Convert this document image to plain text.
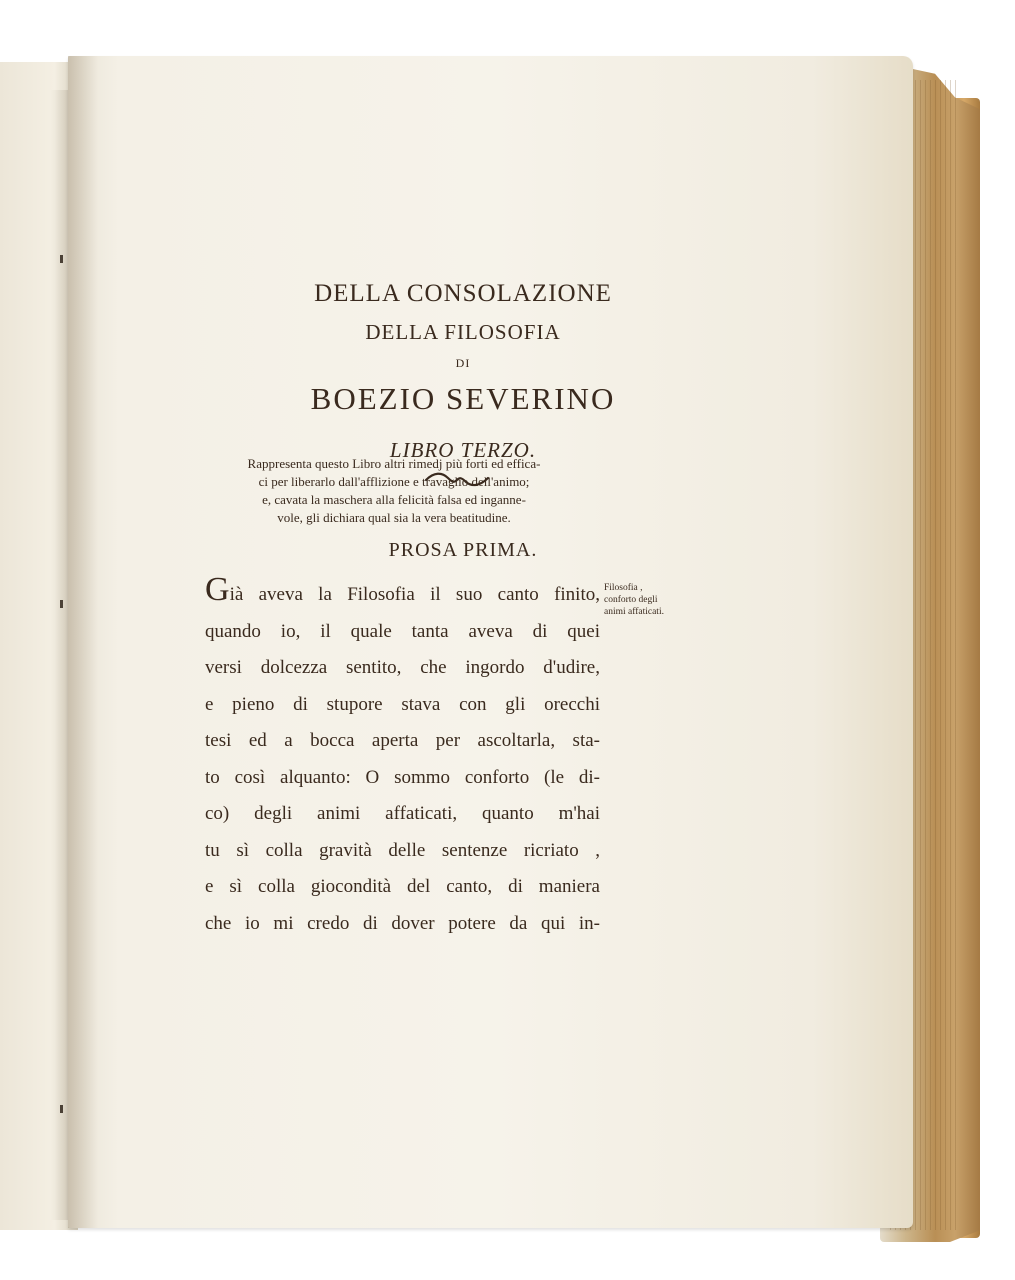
DELLA CONSOLAZIONE
DELLA FILOSOFIA
DI
BOEZIO SEVERINO
LIBRO TERZO.
Rappresenta questo Libro altri rimedj più forti ed effica-
ci per liberarlo dall'afflizione e travaglio dell'animo;
e, cavata la maschera alla felicità falsa ed inganne-
vole, gli dichiara qual sia la vera beatitudine.
PROSA PRIMA.
Già aveva la Filosofia il suo canto finito,
quando io, il quale tanta aveva di quei
versi dolcezza sentito, che ingordo d'udire,
e pieno di stupore stava con gli orecchi
tesi ed a bocca aperta per ascoltarla, sta-
to così alquanto: O sommo conforto (le di-
co) degli animi affaticati, quanto m'hai
tu sì colla gravità delle sentenze ricriato ,
e sì colla giocondità del canto, di maniera
che io mi credo di dover potere da qui in-
Filosofia ,
conforto degli
animi affaticati.
